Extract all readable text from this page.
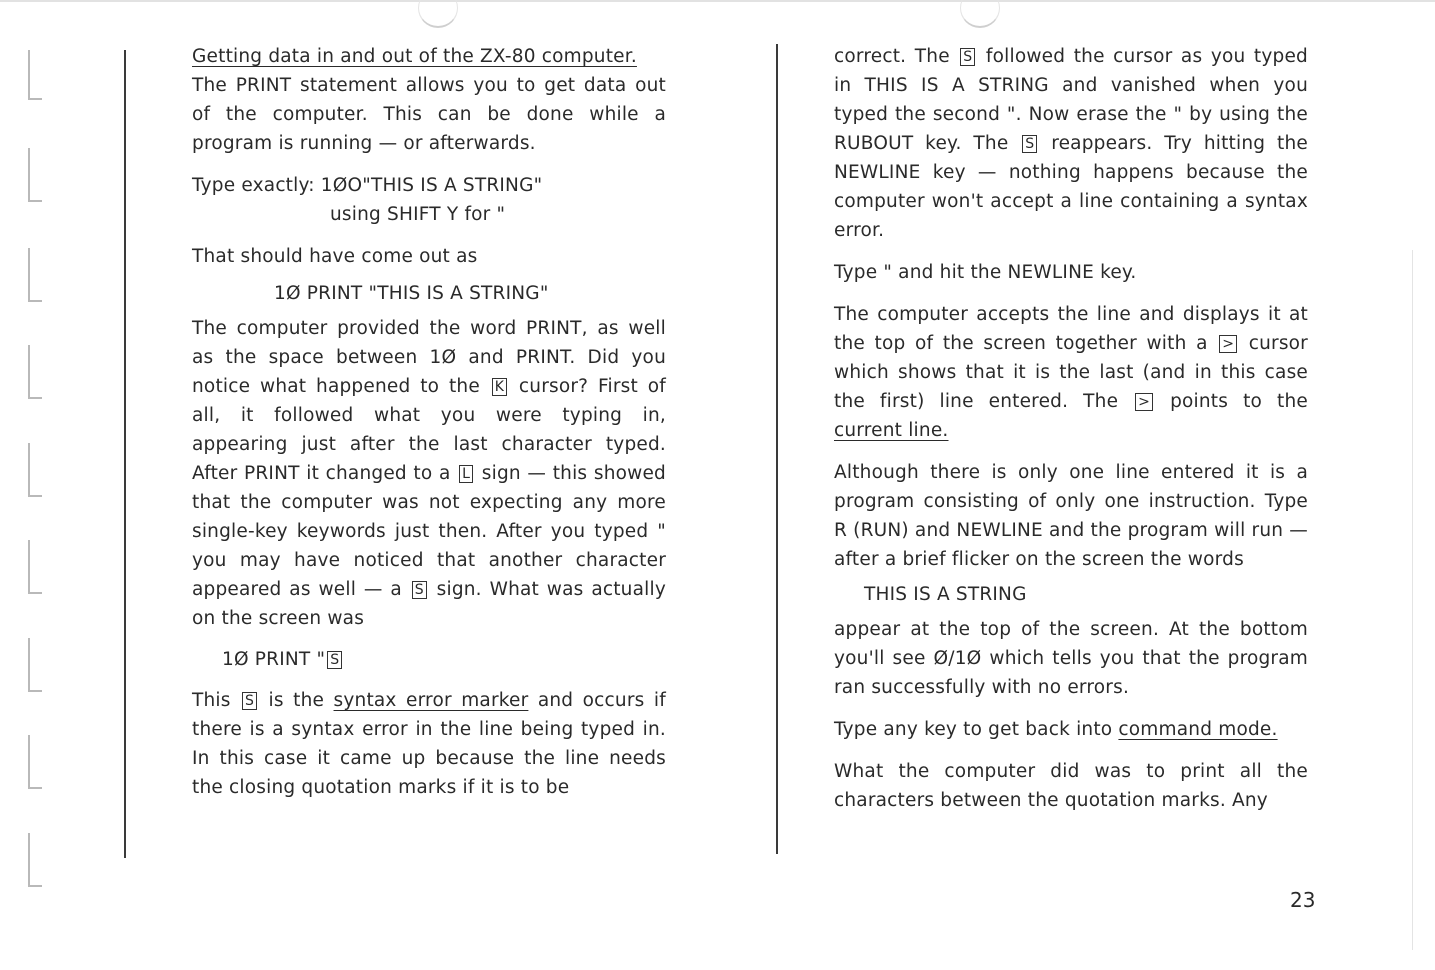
Getting data in and out of the ZX-80 computer.

The PRINT statement allows you to get data out of the computer. This can be done while a program is running — or afterwards.

Type exactly: 1ØO"THIS IS A STRING"

using SHIFT Y for "

That should have come out as

1Ø PRINT "THIS IS A STRING"

The computer provided the word PRINT, as well as the space between 1Ø and PRINT. Did you notice what happened to the K cursor? First of all, it followed what you were typing in, appearing just after the last character typed. After PRINT it changed to a L sign — this showed that the computer was not expecting any more single-key keywords just then. After you typed " you may have noticed that another character appeared as well — a S sign. What was actually on the screen was

1Ø PRINT " S

This S is the syntax error marker and occurs if there is a syntax error in the line being typed in. In this case it came up because the line needs the closing quotation marks if it is to be

correct. The S followed the cursor as you typed in THIS IS A STRING and vanished when you typed the second ". Now erase the " by using the RUBOUT key. The S reappears. Try hitting the NEWLINE key — nothing happens because the computer won't accept a line containing a syntax error.

Type " and hit the NEWLINE key.

The computer accepts the line and displays it at the top of the screen together with a > cursor which shows that it is the last (and in this case the first) line entered. The > points to the current line.

Although there is only one line entered it is a program consisting of only one instruction. Type R (RUN) and NEWLINE and the program will run — after a brief flicker on the screen the words

THIS IS A STRING

appear at the top of the screen. At the bottom you'll see Ø/1Ø which tells you that the program ran successfully with no errors.

Type any key to get back into command mode.

What the computer did was to print all the characters between the quotation marks. Any

23
